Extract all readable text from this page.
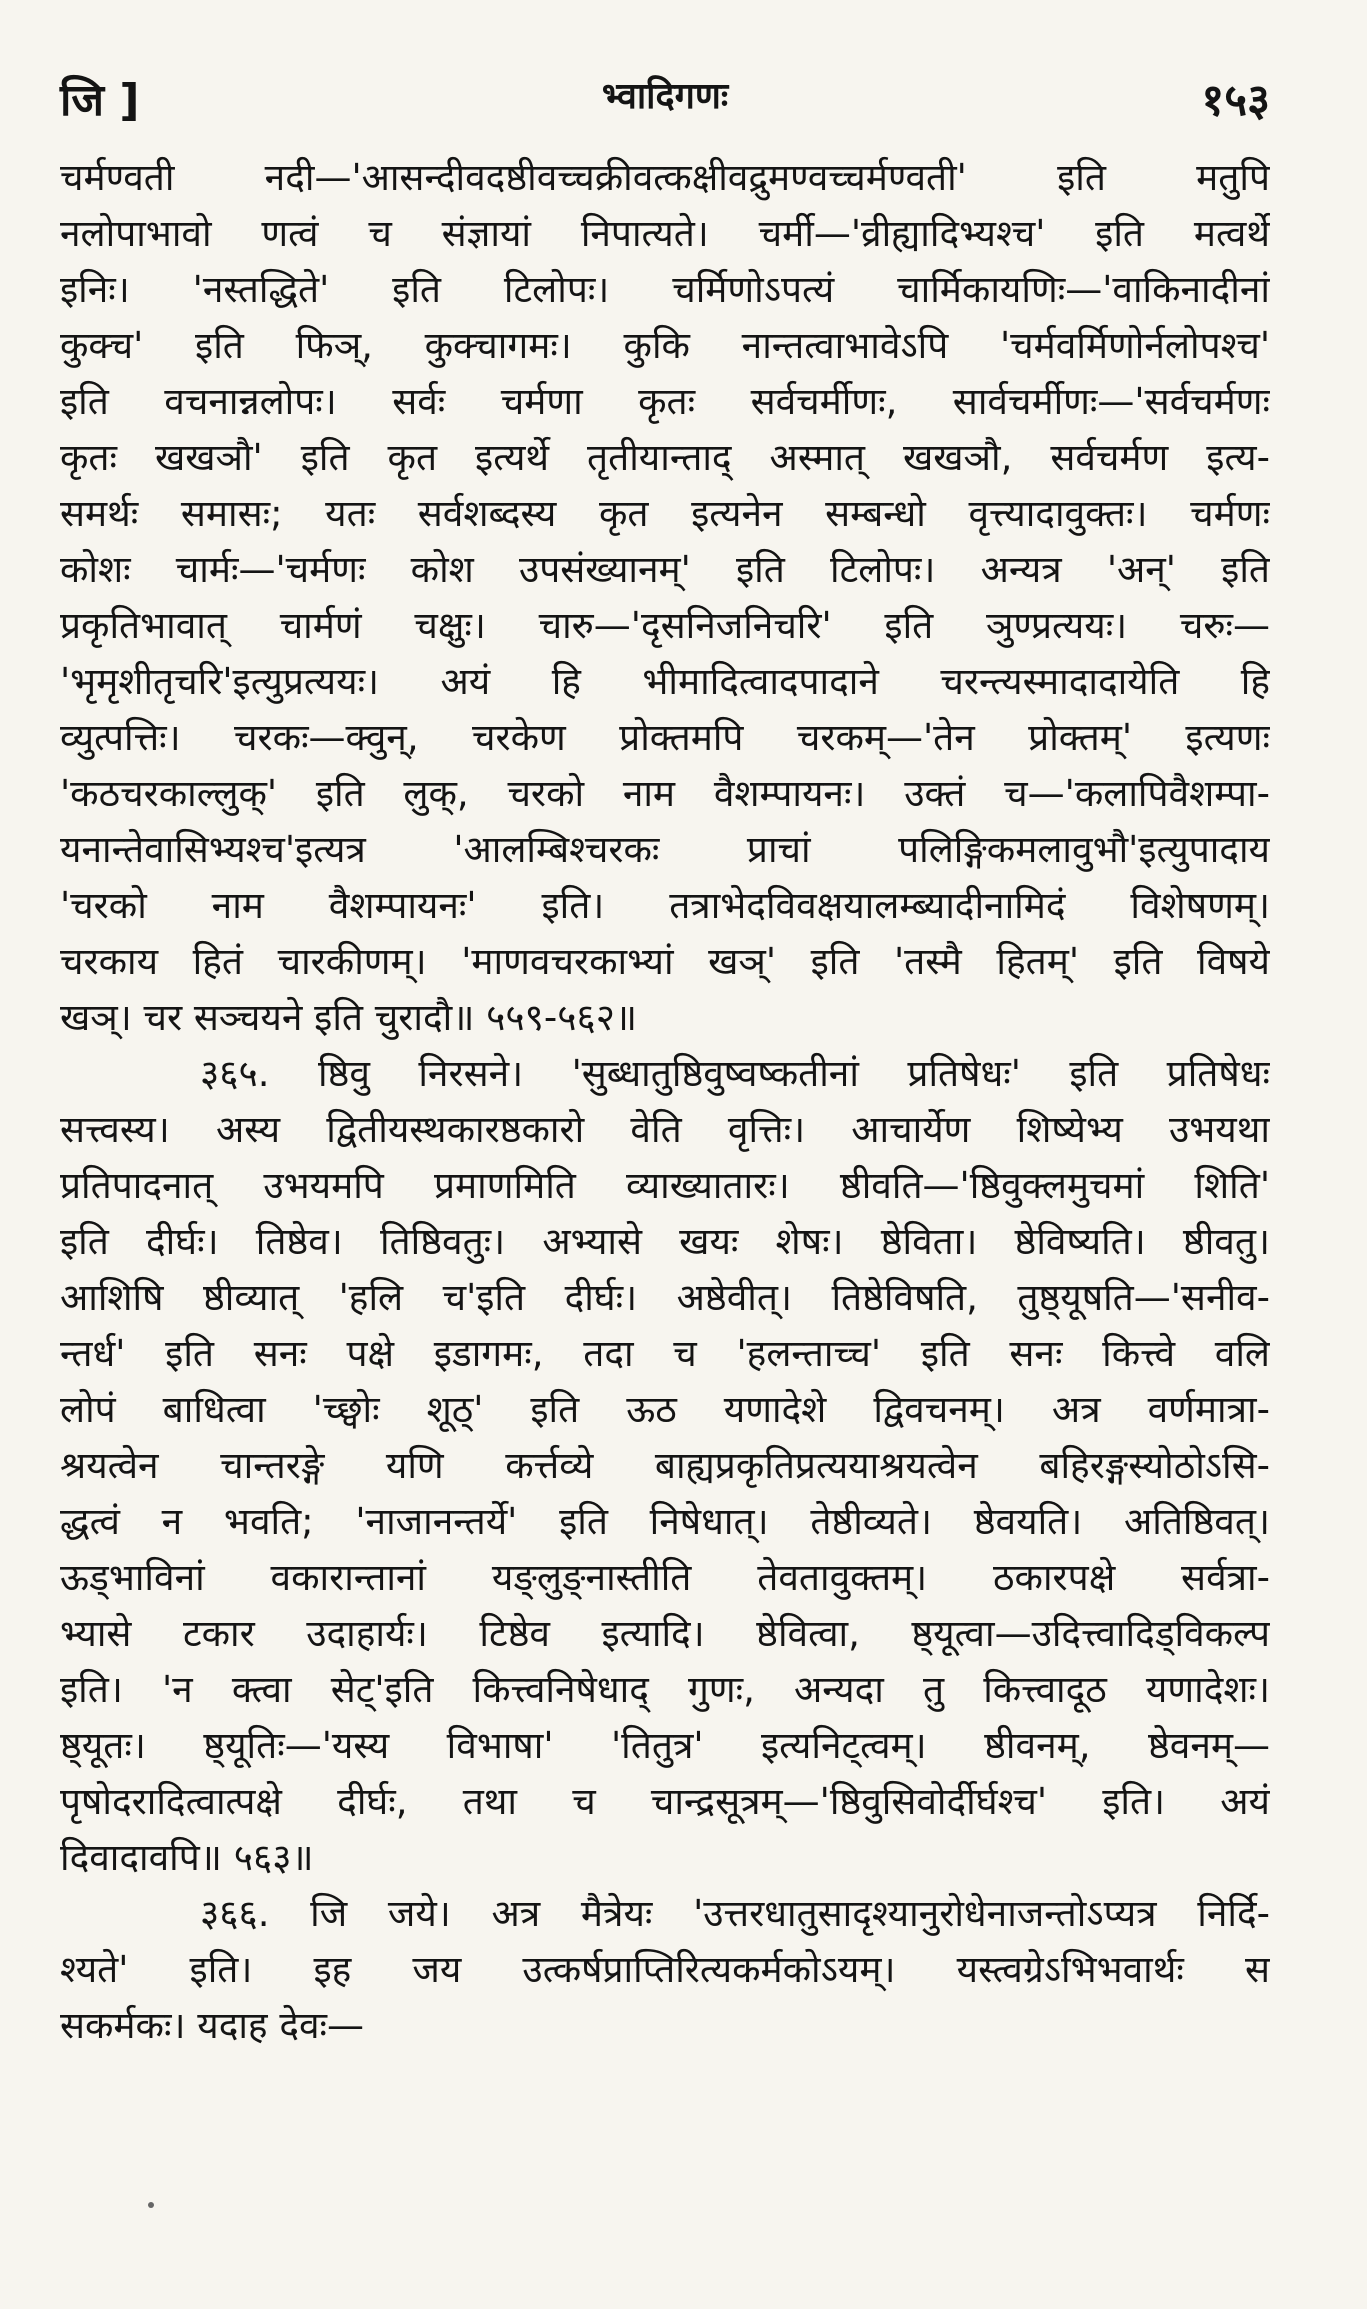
जि ]	भ्वादिगणः	१५३
चर्मण्वती नदी—'आसन्दीवदष्ठीवच्चक्रीवत्कक्षीवद्रुमण्वच्चर्मण्वती' इति मतुपि
नलोपाभावो णत्वं च संज्ञायां निपात्यते। चर्मी—'व्रीह्यादिभ्यश्च' इति मत्वर्थे
इनिः। 'नस्तद्धिते' इति टिलोपः। चर्मिणोऽपत्यं चार्मिकायणिः—'वाकिनादीनां
कुक्च' इति फिञ्, कुक्चागमः। कुकि नान्तत्वाभावेऽपि 'चर्मवर्मिणोर्नलोपश्च'
इति वचनान्नलोपः। सर्वः चर्मणा कृतः सर्वचर्मीणः, सार्वचर्मीणः—'सर्वचर्मणः
कृतः खखञौ' इति कृत इत्यर्थे तृतीयान्ताद् अस्मात् खखञौ, सर्वचर्मण इत्य-
समर्थः समासः; यतः सर्वशब्दस्य कृत इत्यनेन सम्बन्धो वृत्त्यादावुक्तः। चर्मणः
कोशः चार्मः—'चर्मणः कोश उपसंख्यानम्' इति टिलोपः। अन्यत्र 'अन्' इति
प्रकृतिभावात् चार्मणं चक्षुः। चारु—'दृसनिजनिचरि' इति ञुण्प्रत्ययः। चरुः—
'भृमृशीतृचरि'इत्युप्रत्ययः। अयं हि भीमादित्वादपादाने चरन्त्यस्मादादायेति हि
व्युत्पत्तिः। चरकः—क्वुन्, चरकेण प्रोक्तमपि चरकम्—'तेन प्रोक्तम्' इत्यणः
'कठचरकाल्लुक्' इति लुक्, चरको नाम वैशम्पायनः। उक्तं च—'कलापिवैशम्पा-
यनान्तेवासिभ्यश्च'इत्यत्र 'आलम्बिश्चरकः प्राचां पलिङ्गिकमलावुभौ'इत्युपादाय
'चरको नाम वैशम्पायनः' इति। तत्राभेदविवक्षयालम्ब्यादीनामिदं विशेषणम्।
चरकाय हितं चारकीणम्। 'माणवचरकाभ्यां खञ्' इति 'तस्मै हितम्' इति विषये
खञ्। चर सञ्चयने इति चुरादौ॥ ५५९-५६२॥
३६५. ष्ठिवु निरसने। 'सुब्धातुष्ठिवुष्वष्कतीनां प्रतिषेधः' इति प्रतिषेधः
सत्त्वस्य। अस्य द्वितीयस्थकारष्ठकारो वेति वृत्तिः। आचार्येण शिष्येभ्य उभयथा
प्रतिपादनात् उभयमपि प्रमाणमिति व्याख्यातारः। ष्ठीवति—'ष्ठिवुक्लमुचमां शिति'
इति दीर्घः। तिष्ठेव। तिष्ठिवतुः। अभ्यासे खयः शेषः। ष्ठेविता। ष्ठेविष्यति। ष्ठीवतु।
आशिषि ष्ठीव्यात् 'हलि च'इति दीर्घः। अष्ठेवीत्। तिष्ठेविषति, तुष्ठ्यूषति—'सनीव-
न्तर्ध' इति सनः पक्षे इडागमः, तदा च 'हलन्ताच्च' इति सनः कित्त्वे वलि
लोपं बाधित्वा 'च्छ्वोः शूठ्' इति ऊठ यणादेशे द्विवचनम्। अत्र वर्णमात्रा-
श्रयत्वेन चान्तरङ्गे यणि कर्त्तव्ये बाह्यप्रकृतिप्रत्ययाश्रयत्वेन बहिरङ्गस्योठोऽसि-
द्धत्वं न भवति; 'नाजानन्तर्ये' इति निषेधात्। तेष्ठीव्यते। ष्ठेवयति। अतिष्ठिवत्।
ऊड्भाविनां वकारान्तानां यङ्लुङ्नास्तीति तेवतावुक्तम्। ठकारपक्षे सर्वत्रा-
भ्यासे टकार उदाहार्यः। टिष्ठेव इत्यादि। ष्ठेवित्वा, ष्ठ्यूत्वा—उदित्त्वादिड्विकल्प
इति। 'न क्त्वा सेट्'इति कित्त्वनिषेधाद् गुणः, अन्यदा तु कित्त्वादूठ यणादेशः।
ष्ठ्यूतः। ष्ठ्यूतिः—'यस्य विभाषा' 'तितुत्र' इत्यनिट्त्वम्। ष्ठीवनम्, ष्ठेवनम्—
पृषोदरादित्वात्पक्षे दीर्घः, तथा च चान्द्रसूत्रम्—'ष्ठिवुसिवोर्दीर्घश्च' इति। अयं
दिवादावपि॥ ५६३॥
३६६. जि जये। अत्र मैत्रेयः 'उत्तरधातुसादृश्यानुरोधेनाजन्तोऽप्यत्र निर्दि-
श्यते' इति। इह जय उत्कर्षप्राप्तिरित्यकर्मकोऽयम्। यस्त्वग्रेऽभिभवार्थः स
सकर्मकः। यदाह देवः—
